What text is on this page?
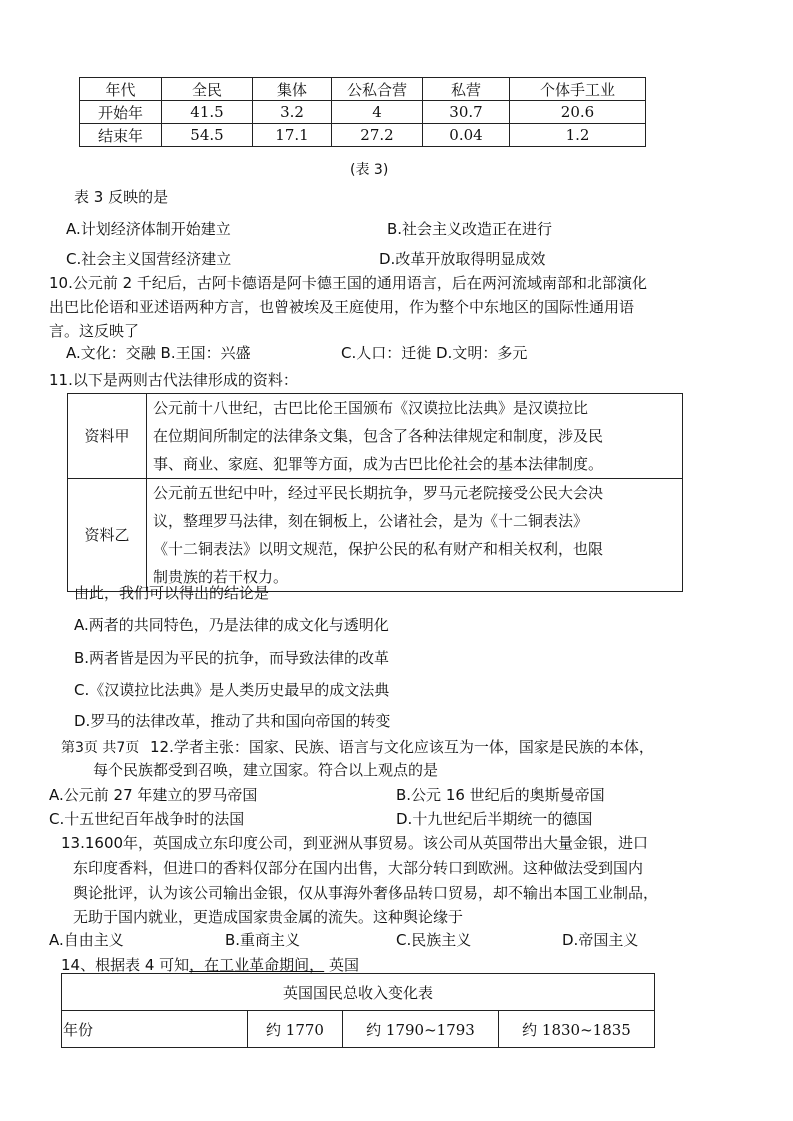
年代	全民	集体	公私合营	私营	个体手工业
开始年	41.5	3.2	4	30.7	20.6
结束年	54.5	17.1	27.2	0.04	1.2
(表 3)
表 3 反映的是
A.计划经济体制开始建立	B.社会主义改造正在进行
C.社会主义国营经济建立	D.改革开放取得明显成效
10.公元前 2 千纪后，古阿卡德语是阿卡德王国的通用语言，后在两河流域南部和北部演化
出巴比伦语和亚述语两种方言，也曾被埃及王庭使用，作为整个中东地区的国际性通用语
言。这反映了
A.文化：交融 B.王国：兴盛	C.人口：迁徙 D.文明：多元
11.以下是两则古代法律形成的资料：
资料甲	公元前十八世纪，古巴比伦王国颁布《汉谟拉比法典》是汉谟拉比
在位期间所制定的法律条文集，包含了各种法律规定和制度，涉及民
事、商业、家庭、犯罪等方面，成为古巴比伦社会的基本法律制度。

资料乙	公元前五世纪中叶，经过平民长期抗争，罗马元老院接受公民大会决
议，整理罗马法律，刻在铜板上，公诸社会，是为《十二铜表法》
《十二铜表法》以明文规范，保护公民的私有财产和相关权利，也限
制贵族的若干权力。
由此，我们可以得出的结论是
A.两者的共同特色，乃是法律的成文化与透明化
B.两者皆是因为平民的抗争，而导致法律的改革
C.《汉谟拉比法典》是人类历史最早的成文法典
D.罗马的法律改革，推动了共和国向帝国的转变
第3页 共7页 12.学者主张：国家、民族、语言与文化应该互为一体，国家是民族的本体，
每个民族都受到召唤，建立国家。符合以上观点的是
A.公元前 27 年建立的罗马帝国	B.公元 16 世纪后的奥斯曼帝国
C.十五世纪百年战争时的法国	D.十九世纪后半期统一的德国
13.1600年，英国成立东印度公司，到亚洲从事贸易。该公司从英国带出大量金银，进口
东印度香料，但进口的香料仅部分在国内出售，大部分转口到欧洲。这种做法受到国内
舆论批评，认为该公司输出金银，仅从事海外奢侈品转口贸易，却不输出本国工业制品，
无助于国内就业，更造成国家贵金属的流失。这种舆论缘于
A.自由主义	B.重商主义	C.民族主义	D.帝国主义
14、根据表 4 可知，在工业革命期间， 英国
英国国民总收入变化表
年份	约 1770	约 1790~1793	约 1830~1835
